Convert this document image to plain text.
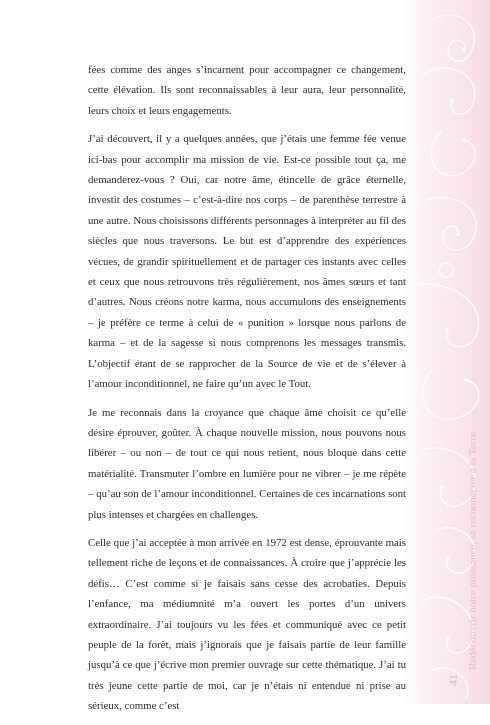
fées comme des anges s’incarnent pour accompagner ce changement, cette élévation. Ils sont reconnaissables à leur aura, leur personnalité, leurs choix et leurs engagements.

J’ai découvert, il y a quelques années, que j’étais une femme fée venue ici-bas pour accomplir ma mission de vie. Est-ce possible tout ça, me demanderez-vous ? Oui, car notre âme, étincelle de grâce éternelle, investit des costumes – c’est-à-dire nos corps – de parenthèse terrestre à une autre. Nous choisissons différents personnages à interpréter au fil des siècles que nous traversons. Le but est d’apprendre des expériences vécues, de grandir spirituellement et de partager ces instants avec celles et ceux que nous retrouvons très régulièrement, nos âmes sœurs et tant d’autres. Nous créons notre karma, nous accumulons des enseignements – je préfère ce terme à celui de « punition » lorsque nous parlons de karma – et de la sagesse si nous comprenons les messages transmis. L’objectif étant de se rapprocher de la Source de vie et de s’élever à l’amour inconditionnel, ne faire qu’un avec le Tout.

Je me reconnais dans la croyance que chaque âme choisit ce qu’elle désire éprouver, goûter. À chaque nouvelle mission, nous pouvons nous libérer – ou non – de tout ce qui nous retient, nous bloque dans cette matérialité. Transmuter l’ombre en lumière pour ne vibrer – je me répète – qu’au son de l’amour inconditionnel. Certaines de ces incarnations sont plus intenses et chargées en challenges.

Celle que j’ai acceptée à mon arrivée en 1972 est dense, éprouvante mais tellement riche de leçons et de connaissances. À croire que j’apprécie les défis… C’est comme si je faisais sans cesse des acrobaties. Depuis l’enfance, ma médiumnité m’a ouvert les portes d’un univers extraordinaire. J’ai toujours vu les fées et communiqué avec ce petit peuple de la forêt, mais j’ignorais que je faisais partie de leur famille jusqu’à ce que j’écrive mon premier ouvrage sur cette thématique. J’ai tu très jeune cette partie de moi, car je n’étais ni entendue ni prise au sérieux, comme c’est

Redécouvrir notre puissance, se reconnecter à la Terre
41
